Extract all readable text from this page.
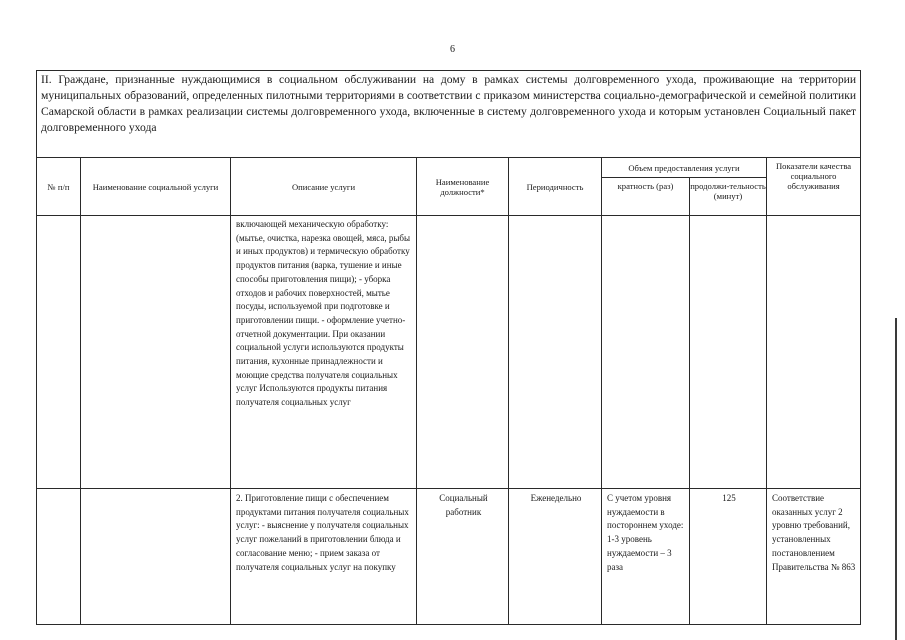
6
II. Граждане, признанные нуждающимися в социальном обслуживании на дому в рамках системы долговременного ухода, проживающие на территории муниципальных образований, определенных пилотными территориями в соответствии с приказом министерства социально-демографической и семейной политики Самарской области в рамках реализации системы долговременного ухода, включенные в систему долговременного ухода и которым установлен Социальный пакет долговременного ухода							
№ п/п	Наименование социальной услуги	Описание услуги	Наименование должности*	Периодичность	Объем предоставления услуги		Показатели качества социального обслуживания
					кратность (раз)	продолжи-тельность (минут)	
		включающей механическую обработку: (мытье, очистка, нарезка овощей, мяса, рыбы и иных продуктов) и термическую обработку продуктов питания (варка, тушение и иные способы приготовления пищи); - уборка отходов и рабочих поверхностей, мытье посуды, используемой при подготовке и приготовлении пищи. - оформление учетно-отчетной документации. При оказании социальной услуги используются продукты питания, кухонные принадлежности и моющие средства получателя социальных услуг Используются продукты питания получателя социальных услуг					
		2. Приготовление пищи с обеспечением продуктами питания получателя социальных услуг: - выяснение у получателя социальных услуг пожеланий в приготовлении блюда и согласование меню; - прием заказа от получателя социальных услуг на покупку	Социальный работник	Еженедельно	С учетом уровня нуждаемости в постороннем уходе: 1-3 уровень нуждаемости – 3 раза	125	Соответствие оказанных услуг 2 уровню требований, установленных постановлением Правительства № 863
